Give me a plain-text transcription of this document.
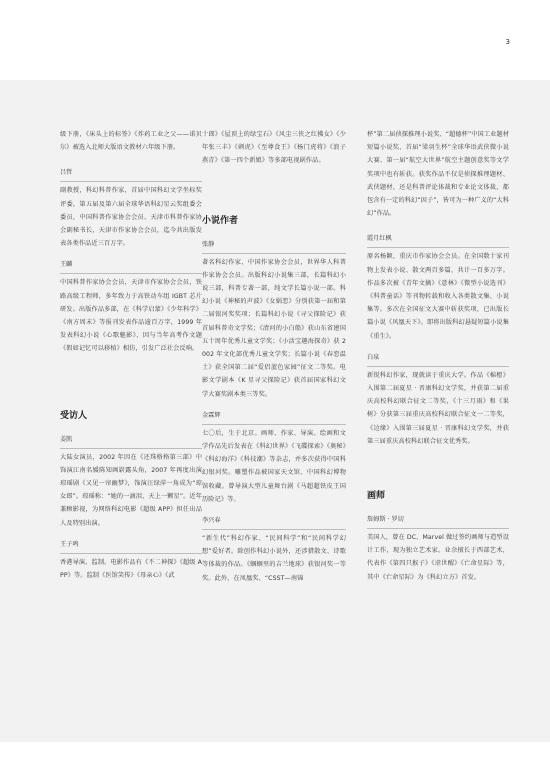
3

级下册，《床头上的标签》《炸药工业之父——诺贝尔》被选入北师大版语文教材六年级下册。

吕哲

副教授，科幻科普作家，首届中国科幻文学坐标奖评委，第五届及第六届全球华语科幻星云奖组委会委员，中国科普作家协会会员、天津市科普作家协会副秘书长，天津市作家协会会员，迄今共出版发表各类作品近三百万字。

王麟

中国科普作家协会会员，天津市作家协会会员，铁路高级工程师，多年致力于高铁动车组 IGBT 芯片研发。出版作品多部，在《科学启蒙》《少年科学》《南方周末》等报刊发表作品逾百万字，1999 年发表科幻小说《心歌魅影》，因与当年高考作文题《假如记忆可以移植》相仿，引发广泛社会反响。

受访人
姜凯

大陆女演员，2002 年因在《还珠格格第三部》中饰演江南名媛陈知画崭露头角，2007 年再度出演琼瑶剧《又见一帘幽梦》，饰演汪绿萍一角成为“琼女郎”。琼瑶称：“她的一滴泪，天上一颗星”。近年兼顾影视，为网络科幻电影《超级 APP》担任出品人及特别出演。

王子鸣

香港导演、监制。电影作品有《不二神探》《超级 APP》等。监制《医馆笑传》《母亲心》《武

十郎》《屋顶上的绿宝石》《风尘三侠之红拂女》《少年张三丰》《刺虎》《至尊食王》《杨门虎将》《浪子燕青》《第一四个新娘》等多部电视剧作品。

小说作者
张静

著名科幻作家、中国作家协会会员，世界华人科普作家协会会员。出版科幻小说集三部，长篇科幻小说三部，科普专著一部，纯文学长篇小说一部。科幻小说《神秘的声波》《女娲恋》分别获第一届和第二届银河奖奖项；长篇科幻小说《寻父探险记》获首届科普奇文学奖；《清河的小白船》获山东省建国五十周年优秀儿童文学奖；《小活宝趣海探奇》获 2002 年文化部优秀儿童文学奖；长篇小说《春恋温土》获全国第二届“爱侣蓝色家园”征文二等奖。电影文学剧本《K 星寻父探险记》获首届国家科幻文学大赛奖剧本类三等奖。

金霖辉

七〇后，生于北京。画师、作家、导演。绘画和文学作品先后发表在《科幻世界》《飞碟探索》《奥秘》《科幻海洋》《科技潮》等杂志，并多次获得中国科幻银河奖。雕塑作品被国家天文馆、中国科幻博物馆收藏。曾导演大型儿童舞台剧《马超超铁皮王国历险记》等。

李兴春

“新生代”科幻作家、“民间科学”和“民间科学幻想”爱好者。除创作科幻小说外，还涉猎散文、诗歌等体裁的作品。《蝈蝈里的吉兰地球》获银河奖一等奖。此外，在凤凰奖、“CSST—南锦

杯”第二届侦探推理小说奖、“超德杯”中国工业题材短篇小说奖、首届“梁羽生杯”全球华语武侠微小说大赛、第一届“航空大世界”航空主题创意奖等文学奖项中也有斩获。获奖作品不仅是侦探推理题材、武侠题材，还是科普评论体裁和专业论文体裁，都包含有一定的科幻“因子”，皆可为一种广义的“大科幻”作品。

霞月红枫

原名杨颖，重庆市作家协会会员。在全国数十家刊物上发表小说、散文两百多篇，共计一百多万字。作品多次被《青年文摘》《意林》《微型小说选刊》《科普童话》等刊物转载和收入各类散文集、小说集等。多次在全国征文大赛中斩获奖项，已出版长篇小说《风凰天下》。即将出版科幻悬疑短篇小说集《重生》。

白泉

新锐科幻作家，现就读于重庆大学。作品《棉橙》入围第二届夏星 · 晋康科幻文学奖，并获第二届重庆高校科幻联合征文二等奖，《十三月雨》和《果树》分获第三届重庆高校科幻联合征文一二等奖，《边缘》入围第三届夏星 · 晋康科幻文学奖，并获第三届重庆高校科幻联合征文优秀奖。

画师
詹姆斯 · 罗切

美国人，曾在 DC、Marvel 做过签约画师与造型设计工作，现为独立艺术家。业余擅长于西部艺术，代表作《第四只猴子》《虐世醒》《亡命星际》等，其中《亡命星际》为《科幻立方》首发。
